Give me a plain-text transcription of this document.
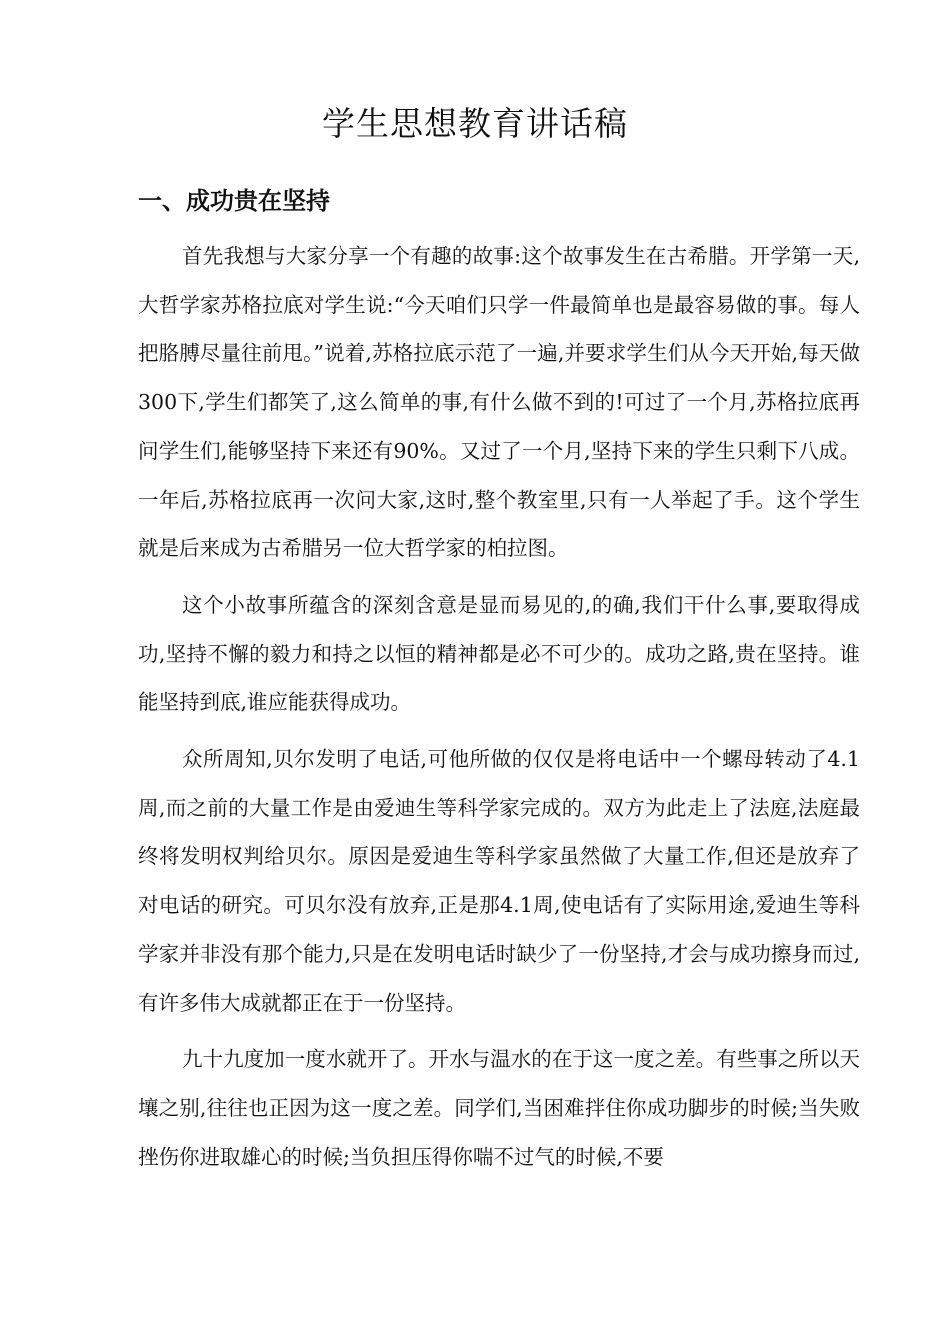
学生思想教育讲话稿
一、成功贵在坚持

首先我想与大家分享一个有趣的故事:这个故事发生在古希腊。开学第一天,大哲学家苏格拉底对学生说:“今天咱们只学一件最简单也是最容易做的事。每人把胳膊尽量往前甩。”说着,苏格拉底示范了一遍,并要求学生们从今天开始,每天做300下,学生们都笑了,这么简单的事,有什么做不到的!可过了一个月,苏格拉底再问学生们,能够坚持下来还有90%。又过了一个月,坚持下来的学生只剩下八成。一年后,苏格拉底再一次问大家,这时,整个教室里,只有一人举起了手。这个学生就是后来成为古希腊另一位大哲学家的柏拉图。

这个小故事所蕴含的深刻含意是显而易见的,的确,我们干什么事,要取得成功,坚持不懈的毅力和持之以恒的精神都是必不可少的。成功之路,贵在坚持。谁能坚持到底,谁应能获得成功。

众所周知,贝尔发明了电话,可他所做的仅仅是将电话中一个螺母转动了4.1周,而之前的大量工作是由爱迪生等科学家完成的。双方为此走上了法庭,法庭最终将发明权判给贝尔。原因是爱迪生等科学家虽然做了大量工作,但还是放弃了对电话的研究。可贝尔没有放弃,正是那4.1周,使电话有了实际用途,爱迪生等科学家并非没有那个能力,只是在发明电话时缺少了一份坚持,才会与成功擦身而过,有许多伟大成就都正在于一份坚持。

九十九度加一度水就开了。开水与温水的在于这一度之差。有些事之所以天壤之别,往往也正因为这一度之差。同学们,当困难拌住你成功脚步的时候;当失败挫伤你进取雄心的时候;当负担压得你喘不过气的时候,不要
